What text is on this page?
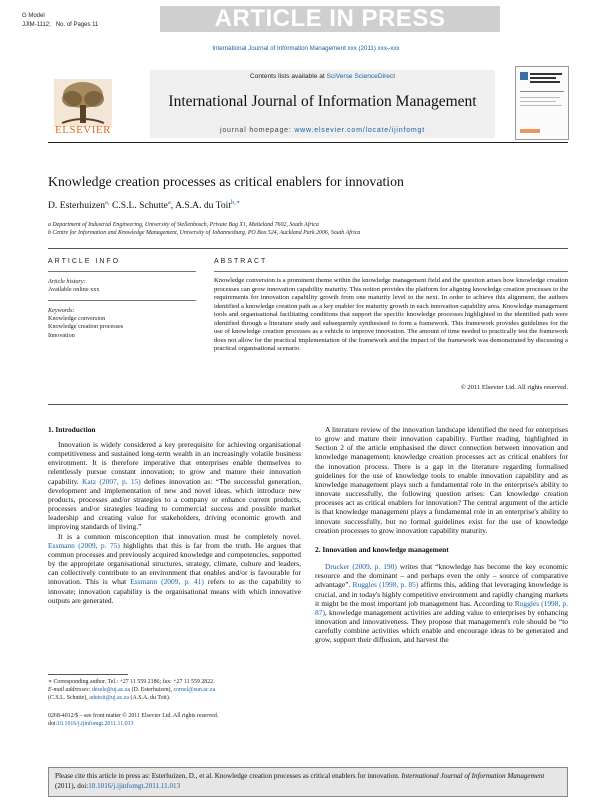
G Model
JJIM-1112; No. of Pages 11	ARTICLE IN PRESS
International Journal of Information Management xxx (2011) xxx–xxx
Contents lists available at SciVerse ScienceDirect
International Journal of Information Management
journal homepage: www.elsevier.com/locate/ijinfomgt
ELSEVIER
Knowledge creation processes as critical enablers for innovation
D. Esterhuizen$^{a,}$ C.S.L. Schutte$^a$, A.S.A. du Toit$^{b,∗}$
a Department of Industrial Engineering, University of Stellenbosch, Private Bag X1, Matieland 7602, South Africa
b Centre for Information and Knowledge Management, University of Johannesburg, PO Box 524, Auckland Park 2006, South Africa
ARTICLE INFO
Article history:
Available online xxx
Keywords:
Knowledge conversion
Knowledge creation processes
Innovation
ABSTRACT
Knowledge conversion is a prominent theme within the knowledge management field and the question arises how knowledge creation processes can grow innovation capability maturity. This notion provides the platform for aligning knowledge creation processes to the requirements for innovation capability growth from one maturity level to the next. In order to achieve this alignment, the authors identified a knowledge creation path as a key enabler for maturity growth in each innovation capability area. Knowledge management tools and organisational facilitating conditions that support the specific knowledge processes highlighted in the identified path were identified through a literature study and subsequently synthesised to form a framework. This framework provides guidelines for the use of knowledge creation processes as a vehicle to improve innovation. The amount of time needed to practically test the framework does not allow for the practical implementation of the framework and the impact of the framework was demonstrated by discussing a practical organisational scenario.
© 2011 Elsevier Ltd. All rights reserved.
1. Introduction

Innovation is widely considered a key prerequisite for achieving organisational competitiveness and sustained long-term wealth in an increasingly volatile business environment. It is therefore imperative that enterprises enable themselves to relentlessly pursue constant innovation; to grow and mature their innovation capability. Katz (2007, p. 15) defines innovation as: “The successful generation, development and implementation of new and novel ideas, which introduce new products, processes and/or strategies to a company or enhance current products, processes and/or strategies leading to commercial success and possible market leadership and creating value for stakeholders, driving economic growth and improving standards of living.”

It is a common misconception that innovation must be completely novel. Essmann (2009, p. 75) highlights that this is far from the truth. He argues that common processes and previously acquired knowledge and competencies, supported by the appropriate organisational structures, strategy, climate, culture and leaders, can collectively contribute to an environment that enables and/or is favourable for innovation. This is what Essmann (2009, p. 41) refers to as the capability to innovate; innovation capability is the organisational means with which innovative outputs are generated.

A literature review of the innovation landscape identified the need for enterprises to grow and mature their innovation capability. Further reading, highlighted in Section 2 of the article emphasised the direct connection between innovation and knowledge management; knowledge creation processes act as critical enablers for the innovation process. There is a gap in the literature regarding formalised guidelines for the use of knowledge tools to enable innovation capability and as knowledge management plays such a fundamental role in the enterprise's ability to innovate successfully, the following question arises: Can knowledge creation processes act as critical enablers for innovation? The central argument of the article is that knowledge management plays a fundamental role in an enterprise's ability to innovate successfully, but no formal guidelines exist for the use of knowledge creation processes to grow innovation capability maturity.

2. Innovation and knowledge management

Drucker (2009, p. 190) writes that “knowledge has become the key economic resource and the dominant – and perhaps even the only – source of comparative advantage”. Ruggles (1998, p. 85) affirms this, adding that leveraging knowledge is crucial, and in today's highly competitive environment and rapidly changing markets it might be the most important job management has. According to Ruggles (1998, p. 87), knowledge management activities are adding value to enterprises by enhancing innovation and innovativeness. They propose that management's role should be “to carefully combine activities which enable and encourage ideas to be generated and grow, support their diffusion, and harvest the

∗ Corresponding author. Tel.: +27 11 559 2186; fax: +27 11 559 2822.
E-mail addresses: desele@uj.ac.za (D. Esterhuizen), cornel@sun.ac.za
(C.S.L. Schutte), adutoit@uj.ac.za (A.S.A. du Toit).
0268-4012/$ – see front matter © 2011 Elsevier Ltd. All rights reserved.
doi:10.1016/j.ijinfomgt.2011.11.013
Please cite this article in press as: Esterhuizen, D., et al. Knowledge creation processes as critical enablers for innovation. International Journal of Information Management (2011), doi:10.1016/j.ijinfomgt.2011.11.013
